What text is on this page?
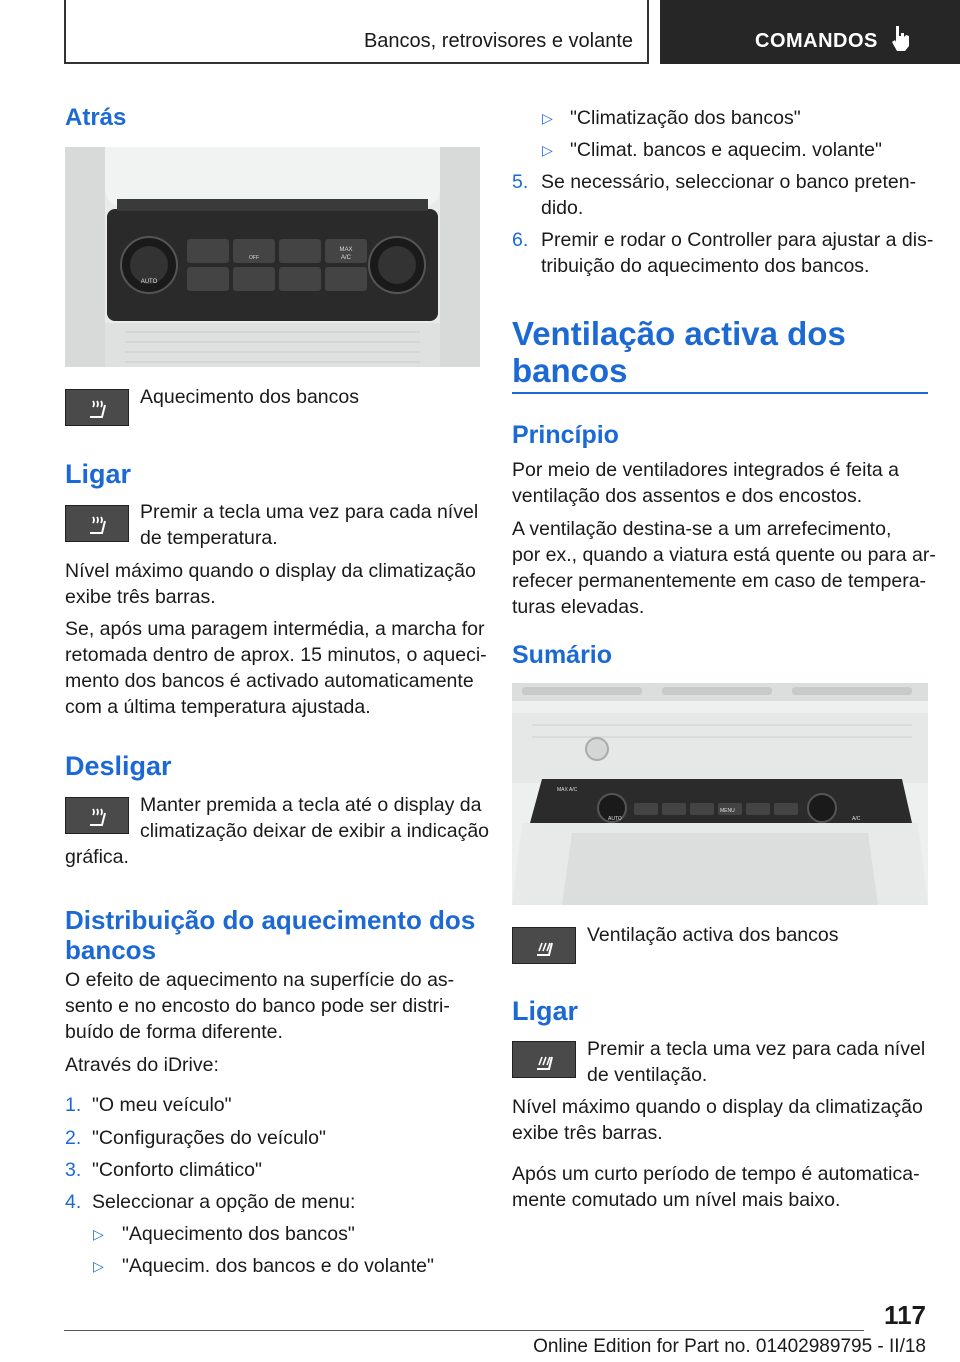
Bancos, retrovisores e volante	COMANDOS
Atrás
AUTO
OFF
MAX
A/C
Aquecimento dos bancos
Ligar
Premir a tecla uma vez para cada nível
de temperatura.
Nível máximo quando o display da climatização
exibe três barras.
Se, após uma paragem intermédia, a marcha for
retomada dentro de aprox. 15 minutos, o aqueci-
mento dos bancos é activado automaticamente
com a última temperatura ajustada.
Desligar
Manter premida a tecla até o display da
climatização deixar de exibir a indicação
gráfica.
Distribuição do aquecimento dos
bancos
O efeito de aquecimento na superfície do as-
sento e no encosto do banco pode ser distri-
buído de forma diferente.
Através do iDrive:
1. "O meu veículo"
2. "Configurações do veículo"
3. "Conforto climático"
4. Seleccionar a opção de menu:
▷ "Aquecimento dos bancos"
▷ "Aquecim. dos bancos e do volante"
▷ "Climatização dos bancos"
▷ "Climat. bancos e aquecim. volante"
5. Se necessário, seleccionar o banco preten-
dido.
6. Premir e rodar o Controller para ajustar a dis-
tribuição do aquecimento dos bancos.
Ventilação activa dos
bancos
Princípio
Por meio de ventiladores integrados é feita a
ventilação dos assentos e dos encostos.
A ventilação destina-se a um arrefecimento,
por ex., quando a viatura está quente ou para ar-
refecer permanentemente em caso de tempera-
turas elevadas.
Sumário
MAX A/C
AUTO
MENU
A/C
Ventilação activa dos bancos
Ligar
Premir a tecla uma vez para cada nível
de ventilação.
Nível máximo quando o display da climatização
exibe três barras.
Após um curto período de tempo é automatica-
mente comutado um nível mais baixo.
117
Online Edition for Part no. 01402989795 - II/18
